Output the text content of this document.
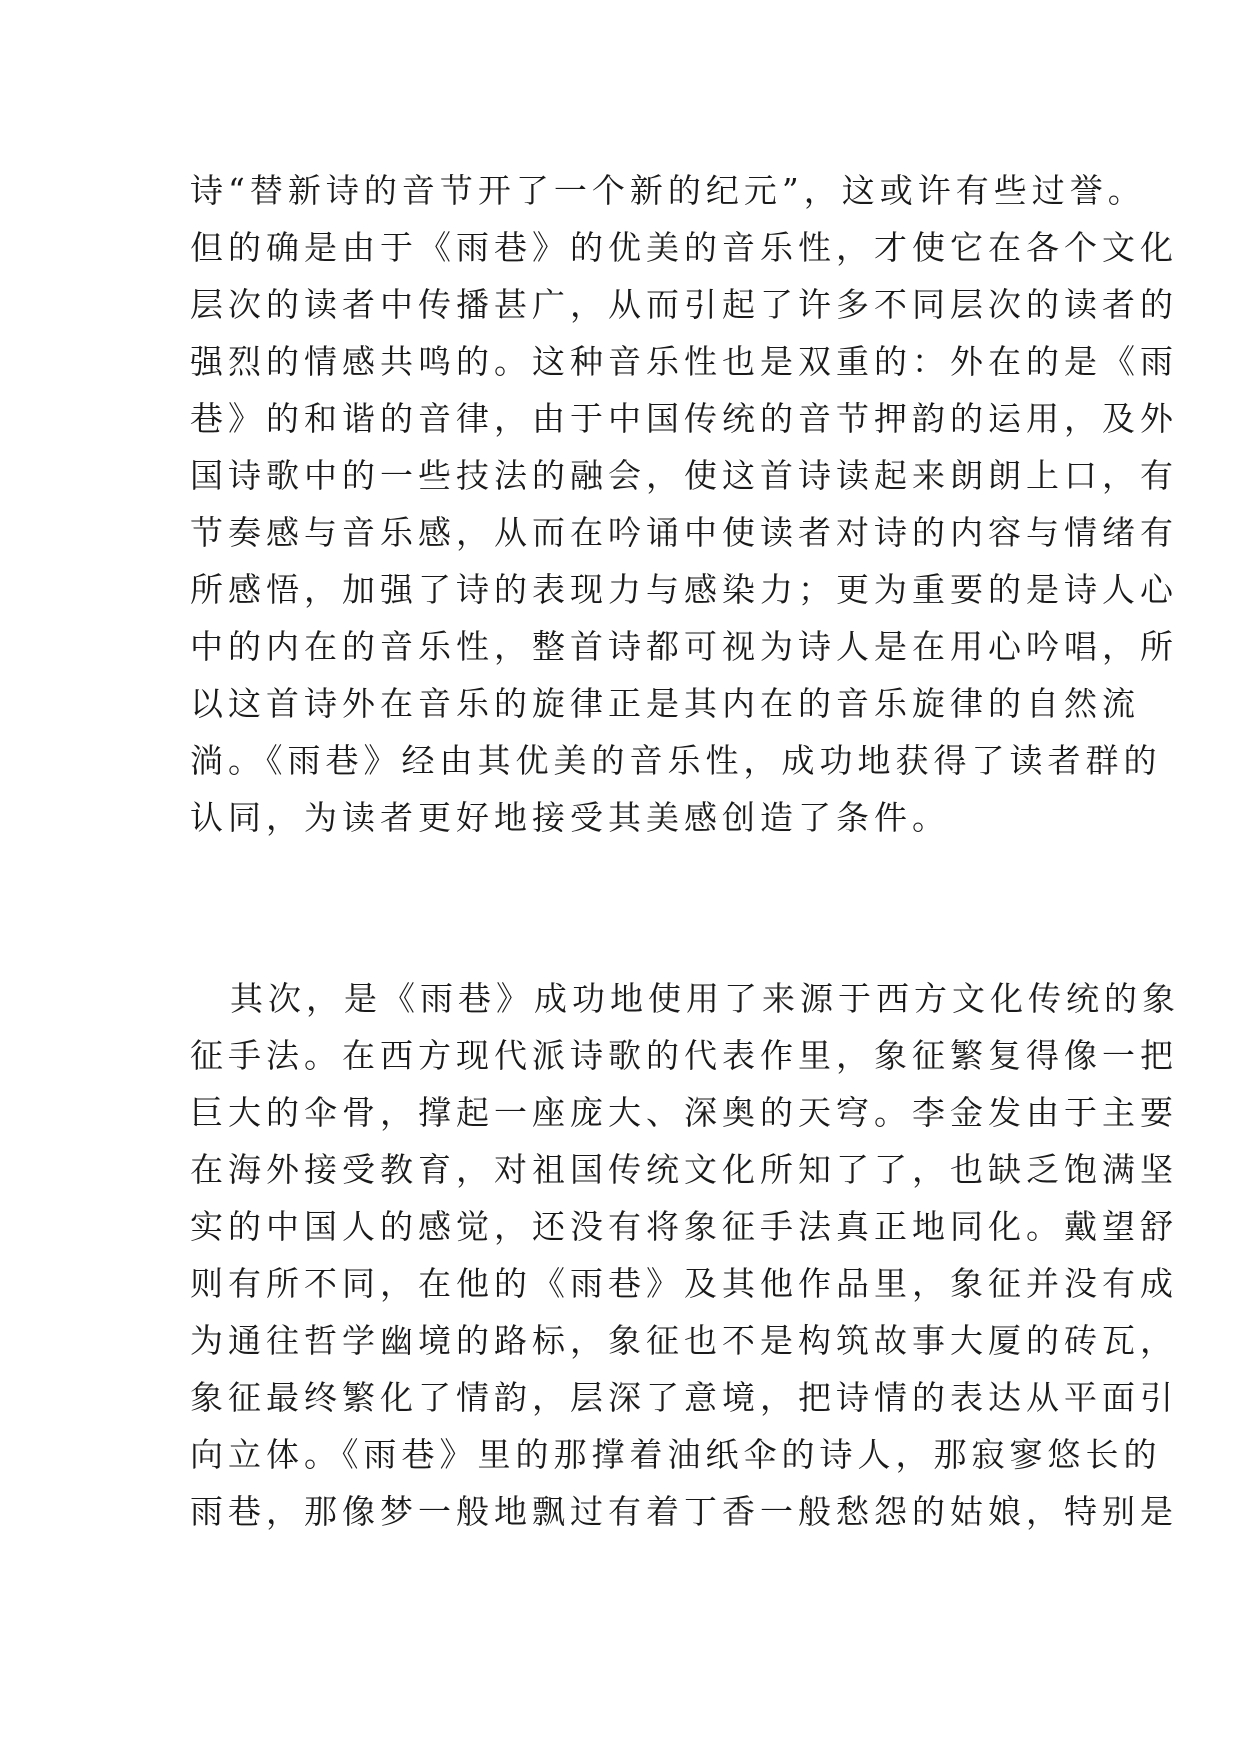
诗“替新诗的音节开了一个新的纪元”，这或许有些过誉。
但的确是由于《雨巷》的优美的音乐性，才使它在各个文化
层次的读者中传播甚广，从而引起了许多不同层次的读者的
强烈的情感共鸣的。这种音乐性也是双重的：外在的是《雨
巷》的和谐的音律，由于中国传统的音节押韵的运用，及外
国诗歌中的一些技法的融会，使这首诗读起来朗朗上口，有
节奏感与音乐感，从而在吟诵中使读者对诗的内容与情绪有
所感悟，加强了诗的表现力与感染力；更为重要的是诗人心
中的内在的音乐性，整首诗都可视为诗人是在用心吟唱，所
以这首诗外在音乐的旋律正是其内在的音乐旋律的自然流
淌。《雨巷》经由其优美的音乐性，成功地获得了读者群的
认同，为读者更好地接受其美感创造了条件。
其次，是《雨巷》成功地使用了来源于西方文化传统的象
征手法。在西方现代派诗歌的代表作里，象征繁复得像一把
巨大的伞骨，撑起一座庞大、深奥的天穹。李金发由于主要
在海外接受教育，对祖国传统文化所知了了，也缺乏饱满坚
实的中国人的感觉，还没有将象征手法真正地同化。戴望舒
则有所不同，在他的《雨巷》及其他作品里，象征并没有成
为通往哲学幽境的路标，象征也不是构筑故事大厦的砖瓦，
象征最终繁化了情韵，层深了意境，把诗情的表达从平面引
向立体。《雨巷》里的那撑着油纸伞的诗人，那寂寥悠长的
雨巷，那像梦一般地飘过有着丁香一般愁怨的姑娘，特别是
